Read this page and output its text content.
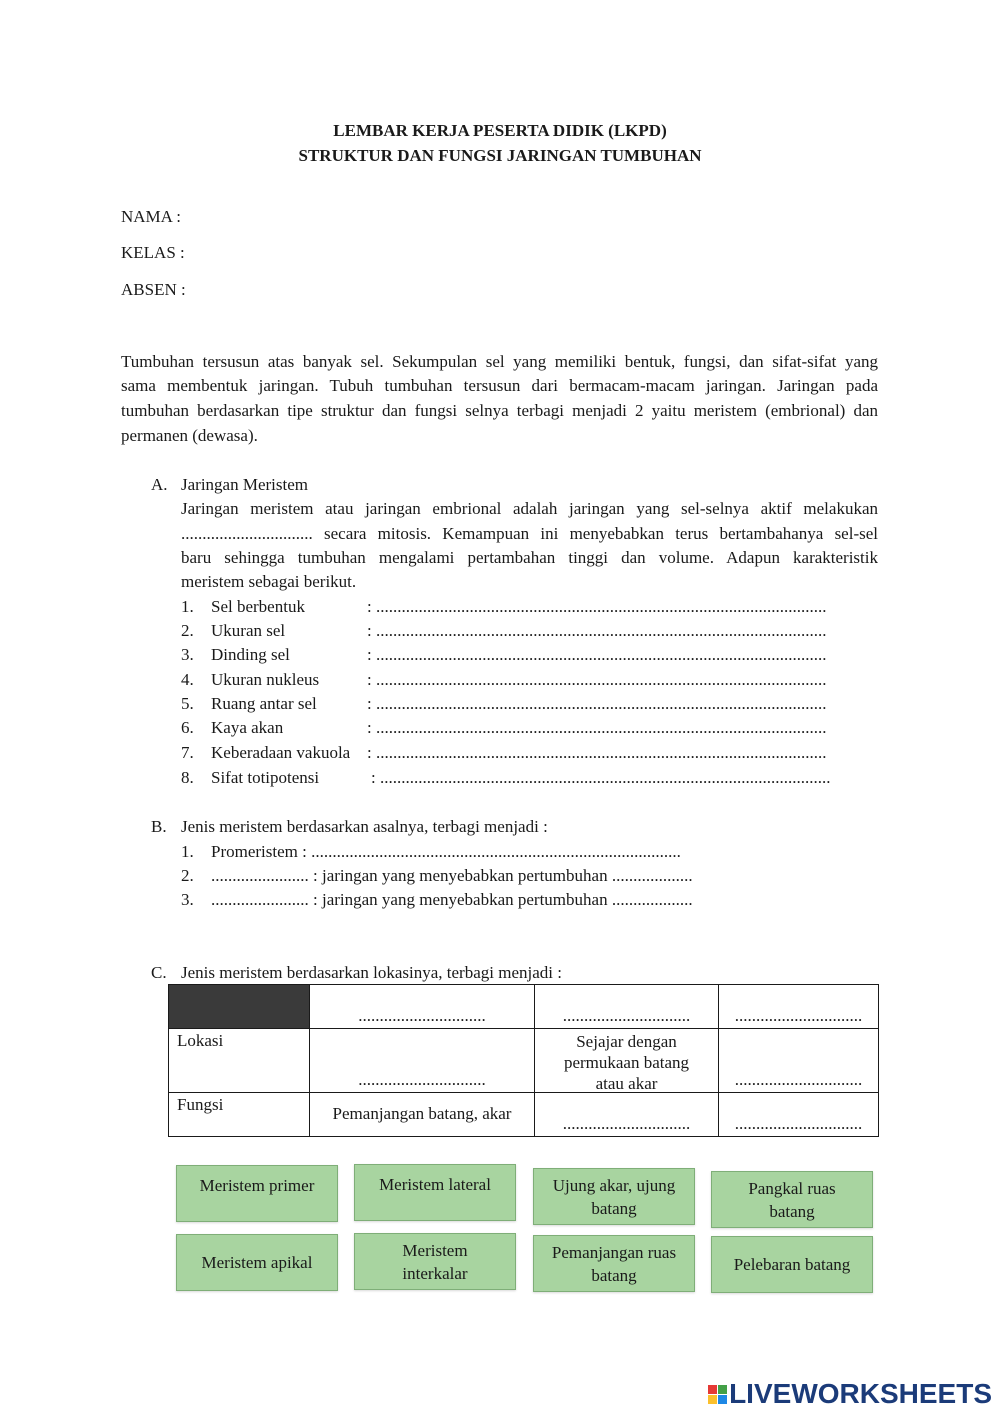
LEMBAR KERJA PESERTA DIDIK (LKPD)
STRUKTUR DAN FUNGSI JARINGAN TUMBUHAN
NAMA :
KELAS :
ABSEN :
Tumbuhan tersusun atas banyak sel. Sekumpulan sel yang memiliki bentuk, fungsi, dan sifat-sifat yang
sama membentuk jaringan. Tubuh tumbuhan tersusun dari bermacam-macam jaringan. Jaringan pada
tumbuhan berdasarkan tipe struktur dan fungsi selnya terbagi menjadi 2 yaitu meristem (embrional) dan
permanen (dewasa).
A. Jaringan Meristem
Jaringan meristem atau jaringan embrional adalah jaringan yang sel-selnya aktif melakukan
............................... secara mitosis. Kemampuan ini menyebabkan terus bertambahanya sel-sel
baru sehingga tumbuhan mengalami pertambahan tinggi dan volume. Adapun karakteristik
meristem sebagai berikut.
1.	Sel berbentuk	: ..........................................................................................................
2.	Ukuran sel	: ..........................................................................................................
3.	Dinding sel	: ..........................................................................................................
4.	Ukuran nukleus	: ..........................................................................................................
5.	Ruang antar sel	: ..........................................................................................................
6.	Kaya akan	: ..........................................................................................................
7.	Keberadaan vakuola : ..........................................................................................................
8.	Sifat totipotensi	: ..........................................................................................................
B. Jenis meristem berdasarkan asalnya, terbagi menjadi :
1.	Promeristem : .......................................................................................
2.	....................... : jaringan yang menyebabkan pertumbuhan ...................
3.	....................... : jaringan yang menyebabkan pertumbuhan ...................
C. Jenis meristem berdasarkan lokasinya, terbagi menjadi :

	..............................	..............................	..............................

Lokasi	..............................	Sejajar dengan
permukaan batang
atau akar	..............................

Fungsi	Pemanjangan batang, akar	..............................	..............................
Meristem primer	Meristem lateral	Ujung akar, ujung
batang
Pangkal ruas
batang
Meristem apikal
Meristem
interkalar
Pemanjangan ruas
batang
Pelebaran batang
LIVEWORKSHEETS
